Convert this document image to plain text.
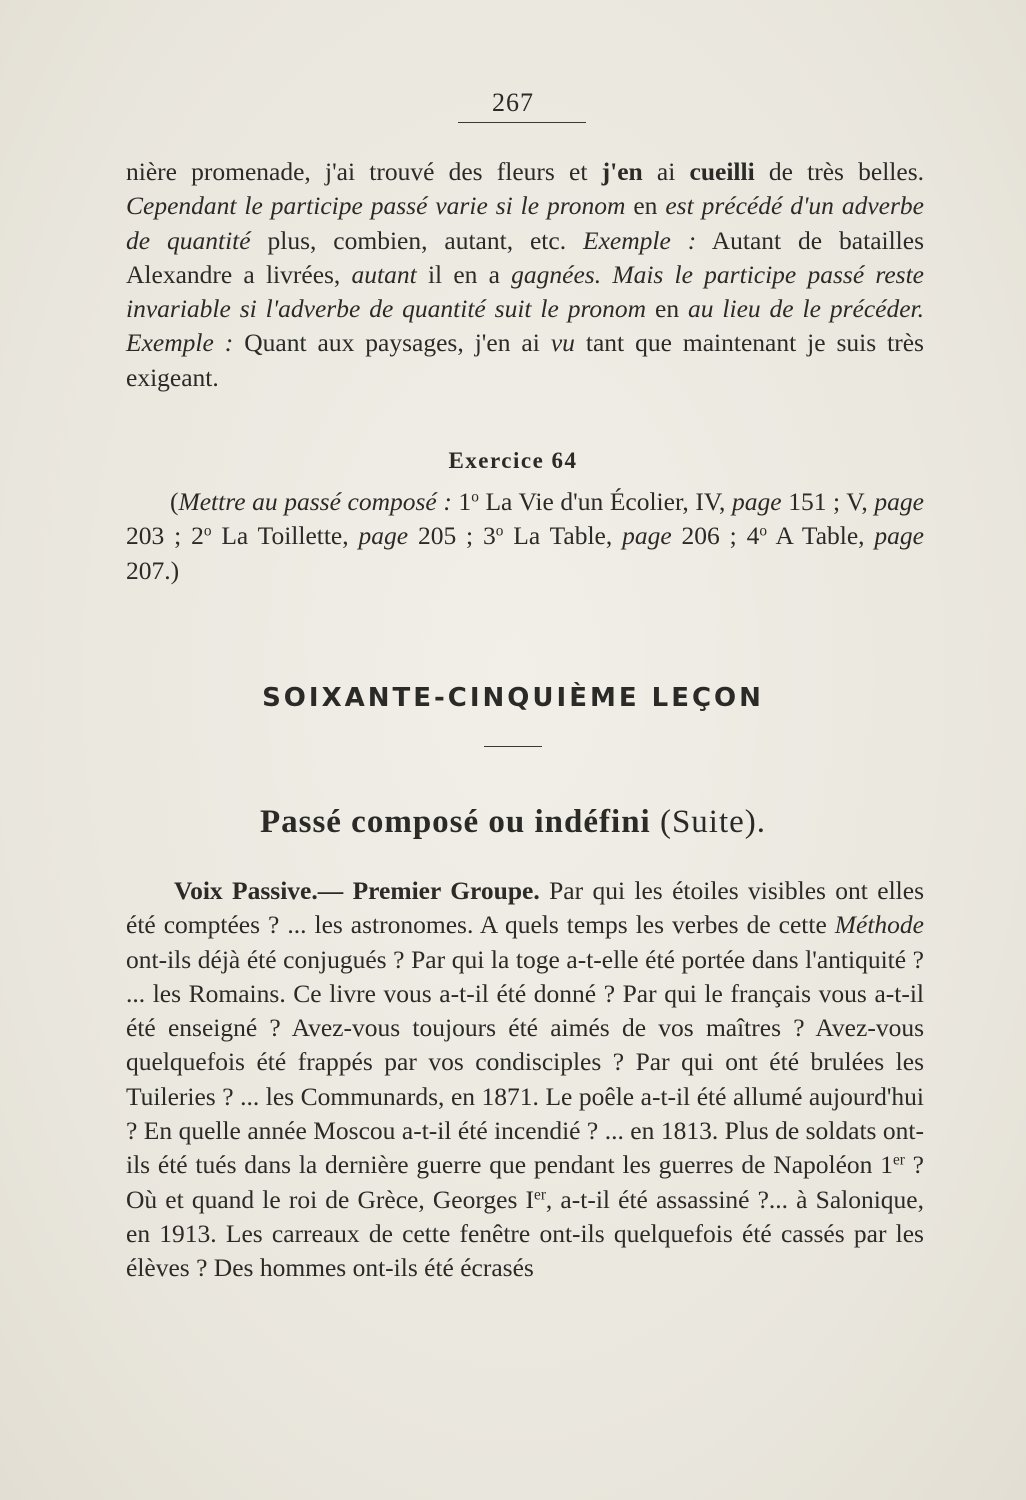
267

nière promenade, j'ai trouvé des fleurs et j'en ai cueilli de très belles. Cependant le participe passé varie si le pronom en est précédé d'un adverbe de quantité plus, combien, autant, etc. Exemple : Autant de batailles Alexandre a livrées, autant il en a gagnées. Mais le participe passé reste invariable si l'adverbe de quantité suit le pronom en au lieu de le précéder. Exemple : Quant aux paysages, j'en ai vu tant que maintenant je suis très exigeant.

Exercice 64

(Mettre au passé composé : 1$^o$ La Vie d'un Écolier, IV, page 151 ; V, page 203 ; 2$^o$ La Toillette, page 205 ; 3$^o$ La Table, page 206 ; 4$^o$ A Table, page 207.)

SOIXANTE-CINQUIÈME LEÇON
Passé composé ou indéfini (Suite).

Voix Passive.— Premier Groupe. Par qui les étoiles visibles ont elles été comptées ? ... les astronomes. A quels temps les verbes de cette Méthode ont-ils déjà été conjugués ? Par qui la toge a-t-elle été portée dans l'antiquité ? ... les Romains. Ce livre vous a-t-il été donné ? Par qui le français vous a-t-il été enseigné ? Avez-vous toujours été aimés de vos maîtres ? Avez-vous quelquefois été frappés par vos condisciples ? Par qui ont été brulées les Tuileries ? ... les Communards, en 1871. Le poêle a-t-il été allumé aujourd'hui ? En quelle année Moscou a-t-il été incendié ? ... en 1813. Plus de soldats ont-ils été tués dans la dernière guerre que pendant les guerres de Napoléon 1er ? Où et quand le roi de Grèce, Georges Ier, a-t-il été assassiné ?... à Salonique, en 1913. Les carreaux de cette fenêtre ont-ils quelquefois été cassés par les élèves ? Des hommes ont-ils été écrasés
